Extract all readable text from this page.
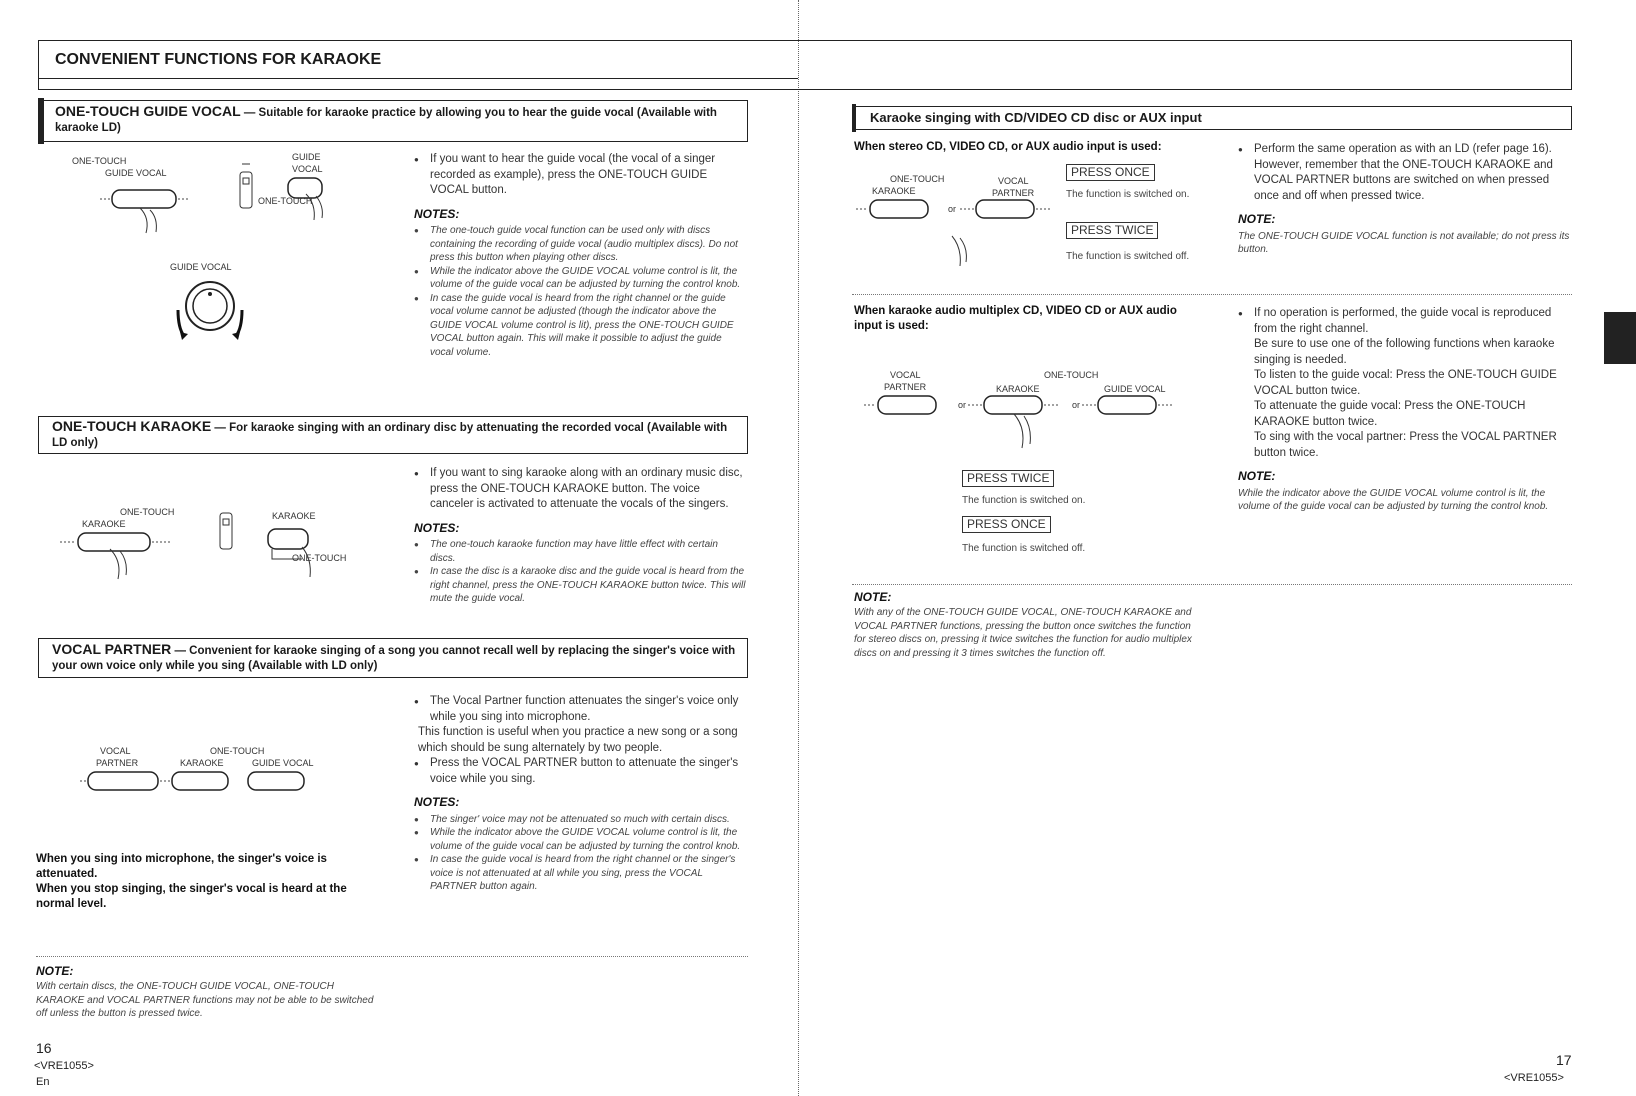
CONVENIENT FUNCTIONS FOR KARAOKE
ONE-TOUCH GUIDE VOCAL — Suitable for karaoke practice by allowing you to hear the guide vocal (Available with karaoke LD)
ONE-TOUCH
GUIDE VOCAL
GUIDE
VOCAL
ONE-TOUCH
GUIDE VOCAL
● If you want to hear the guide vocal (the vocal of a singer recorded as example), press the ONE-TOUCH GUIDE VOCAL button.
NOTES:
● The one-touch guide vocal function can be used only with discs containing the recording of guide vocal (audio multiplex discs). Do not press this button when playing other discs.
● While the indicator above the GUIDE VOCAL volume control is lit, the volume of the guide vocal can be adjusted by turning the control knob.
● In case the guide vocal is heard from the right channel or the guide vocal volume cannot be adjusted (though the indicator above the GUIDE VOCAL volume control is lit), press the ONE-TOUCH GUIDE VOCAL button again. This will make it possible to adjust the guide vocal volume.
ONE-TOUCH KARAOKE — For karaoke singing with an ordinary disc by attenuating the recorded vocal (Available with LD only)
ONE-TOUCH
KARAOKE
KARAOKE
ONE-TOUCH
● If you want to sing karaoke along with an ordinary music disc, press the ONE-TOUCH KARAOKE button. The voice canceler is activated to attenuate the vocals of the singers.
NOTES:
● The one-touch karaoke function may have little effect with certain discs.
● In case the disc is a karaoke disc and the guide vocal is heard from the right channel, press the ONE-TOUCH KARAOKE button twice. This will mute the guide vocal.
VOCAL PARTNER — Convenient for karaoke singing of a song you cannot recall well by replacing the singer's voice with your own voice only while you sing (Available with LD only)
VOCAL
PARTNER
ONE-TOUCH
KARAOKE	GUIDE VOCAL
When you sing into microphone, the singer's voice is attenuated.
When you stop singing, the singer's vocal is heard at the normal level.
● The Vocal Partner function attenuates the singer's voice only while you sing into microphone.
This function is useful when you practice a new song or a song which should be sung alternately by two people.
● Press the VOCAL PARTNER button to attenuate the singer's voice while you sing.
NOTES:
● The singer' voice may not be attenuated so much with certain discs.
● While the indicator above the GUIDE VOCAL volume control is lit, the volume of the guide vocal can be adjusted by turning the control knob.
● In case the guide vocal is heard from the right channel or the singer's voice is not attenuated at all while you sing, press the VOCAL PARTNER button again.
NOTE:
With certain discs, the ONE-TOUCH GUIDE VOCAL, ONE-TOUCH KARAOKE and VOCAL PARTNER functions may not be able to be switched off unless the button is pressed twice.
16
<VRE1055>
En
Karaoke singing with CD/VIDEO CD disc or AUX input
When stereo CD, VIDEO CD, or AUX audio input is used:
ONE-TOUCH
KARAOKE
VOCAL
PARTNER
or
PRESS ONCE
The function is switched on.
PRESS TWICE
The function is switched off.
● Perform the same operation as with an LD (refer page 16). However, remember that the ONE-TOUCH KARAOKE and VOCAL PARTNER buttons are switched on when pressed once and off when pressed twice.
NOTE:
The ONE-TOUCH GUIDE VOCAL function is not available; do not press its button.
When karaoke audio multiplex CD, VIDEO CD or AUX audio input is used:
VOCAL
PARTNER
ONE-TOUCH
KARAOKE	GUIDE VOCAL
or	or
PRESS TWICE
The function is switched on.
PRESS ONCE
The function is switched off.
● If no operation is performed, the guide vocal is reproduced from the right channel.
Be sure to use one of the following functions when karaoke singing is needed.
To listen to the guide vocal: Press the ONE-TOUCH GUIDE VOCAL button twice.
To attenuate the guide vocal: Press the ONE-TOUCH KARAOKE button twice.
To sing with the vocal partner: Press the VOCAL PARTNER button twice.
NOTE:
While the indicator above the GUIDE VOCAL volume control is lit, the volume of the guide vocal can be adjusted by turning the control knob.
NOTE:
With any of the ONE-TOUCH GUIDE VOCAL, ONE-TOUCH KARAOKE and VOCAL PARTNER functions, pressing the button once switches the function for stereo discs on, pressing it twice switches the function for audio multiplex discs on and pressing it 3 times switches the function off.
17
<VRE1055>
